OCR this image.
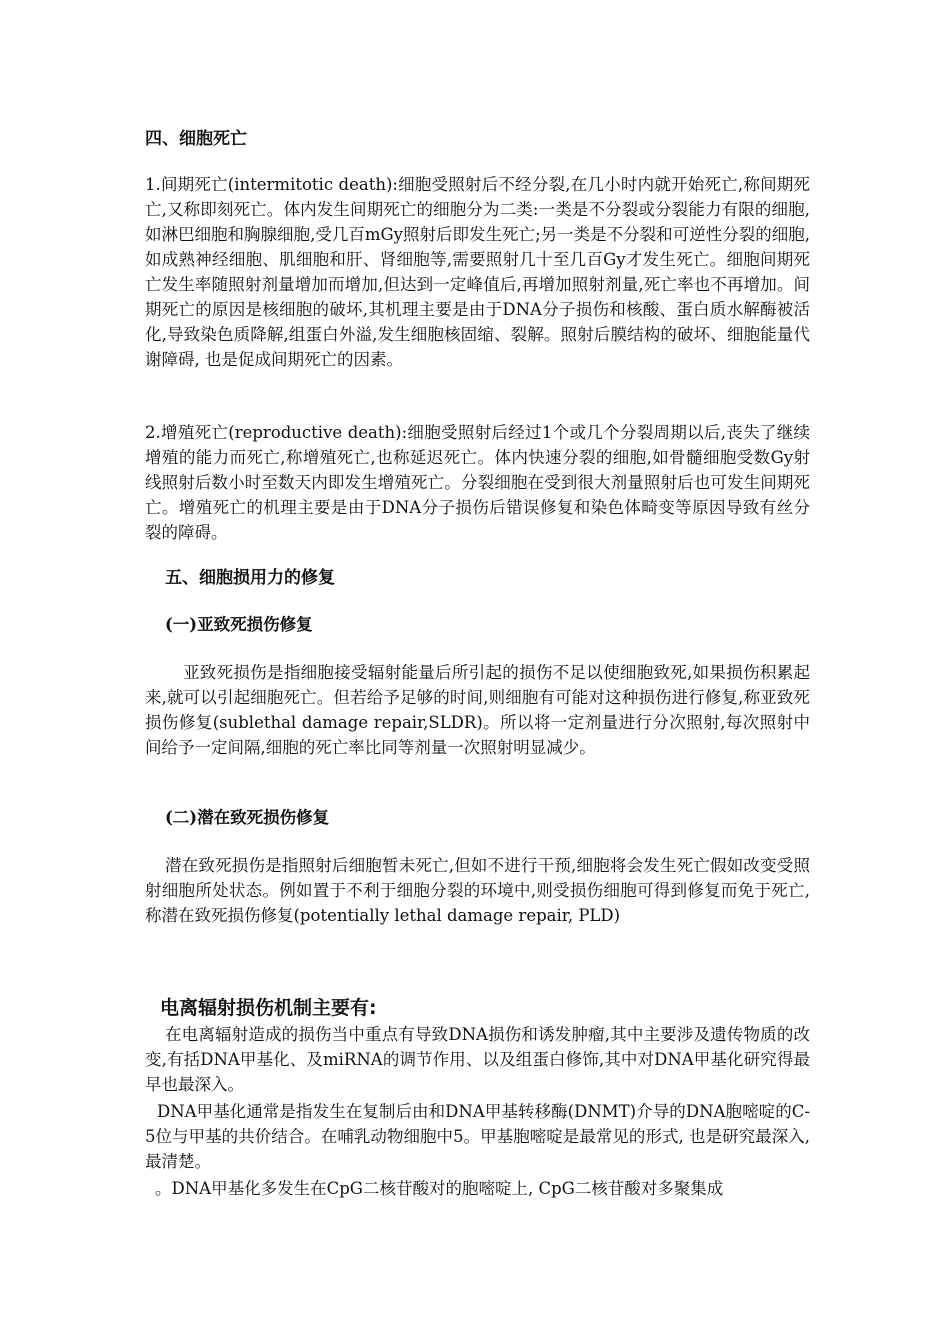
四、细胞死亡

1.间期死亡(intermitotic death):细胞受照射后不经分裂,在几小时内就开始死亡,称间期死亡,又称即刻死亡。体内发生间期死亡的细胞分为二类:一类是不分裂或分裂能力有限的细胞,如淋巴细胞和胸腺细胞,受几百mGy照射后即发生死亡;另一类是不分裂和可逆性分裂的细胞,如成熟神经细胞、肌细胞和肝、肾细胞等,需要照射几十至几百Gy才发生死亡。细胞间期死亡发生率随照射剂量增加而增加,但达到一定峰值后,再增加照射剂量,死亡率也不再增加。间期死亡的原因是核细胞的破坏,其机理主要是由于DNA分子损伤和核酸、蛋白质水解酶被活化,导致染色质降解,组蛋白外溢,发生细胞核固缩、裂解。照射后膜结构的破坏、细胞能量代谢障碍, 也是促成间期死亡的因素。

2.增殖死亡(reproductive death):细胞受照射后经过1个或几个分裂周期以后,丧失了继续增殖的能力而死亡,称增殖死亡,也称延迟死亡。体内快速分裂的细胞,如骨髓细胞受数Gy射线照射后数小时至数天内即发生增殖死亡。分裂细胞在受到很大剂量照射后也可发生间期死亡。增殖死亡的机理主要是由于DNA分子损伤后错误修复和染色体畸变等原因导致有丝分裂的障碍。

五、细胞损用力的修复
(一)亚致死损伤修复

亚致死损伤是指细胞接受辐射能量后所引起的损伤不足以使细胞致死,如果损伤积累起来,就可以引起细胞死亡。但若给予足够的时间,则细胞有可能对这种损伤进行修复,称亚致死损伤修复(sublethal damage repair,SLDR)。所以将一定剂量进行分次照射,每次照射中间给予一定间隔,细胞的死亡率比同等剂量一次照射明显减少。

(二)潜在致死损伤修复

潜在致死损伤是指照射后细胞暂未死亡,但如不进行干预,细胞将会发生死亡假如改变受照射细胞所处状态。例如置于不利于细胞分裂的环境中,则受损伤细胞可得到修复而免于死亡,称潜在致死损伤修复(potentially lethal damage repair, PLD)

电离辐射损伤机制主要有:

在电离辐射造成的损伤当中重点有导致DNA损伤和诱发肿瘤,其中主要涉及遗传物质的改变,有括DNA甲基化、及miRNA的调节作用、以及组蛋白修饰,其中对DNA甲基化研究得最早也最深入。

DNA甲基化通常是指发生在复制后由和DNA甲基转移酶(DNMT)介导的DNA胞嘧啶的C-5位与甲基的共价结合。在哺乳动物细胞中5。甲基胞嘧啶是最常见的形式, 也是研究最深入, 最清楚。

。DNA甲基化多发生在CpG二核苷酸对的胞嘧啶上, CpG二核苷酸对多聚集成
